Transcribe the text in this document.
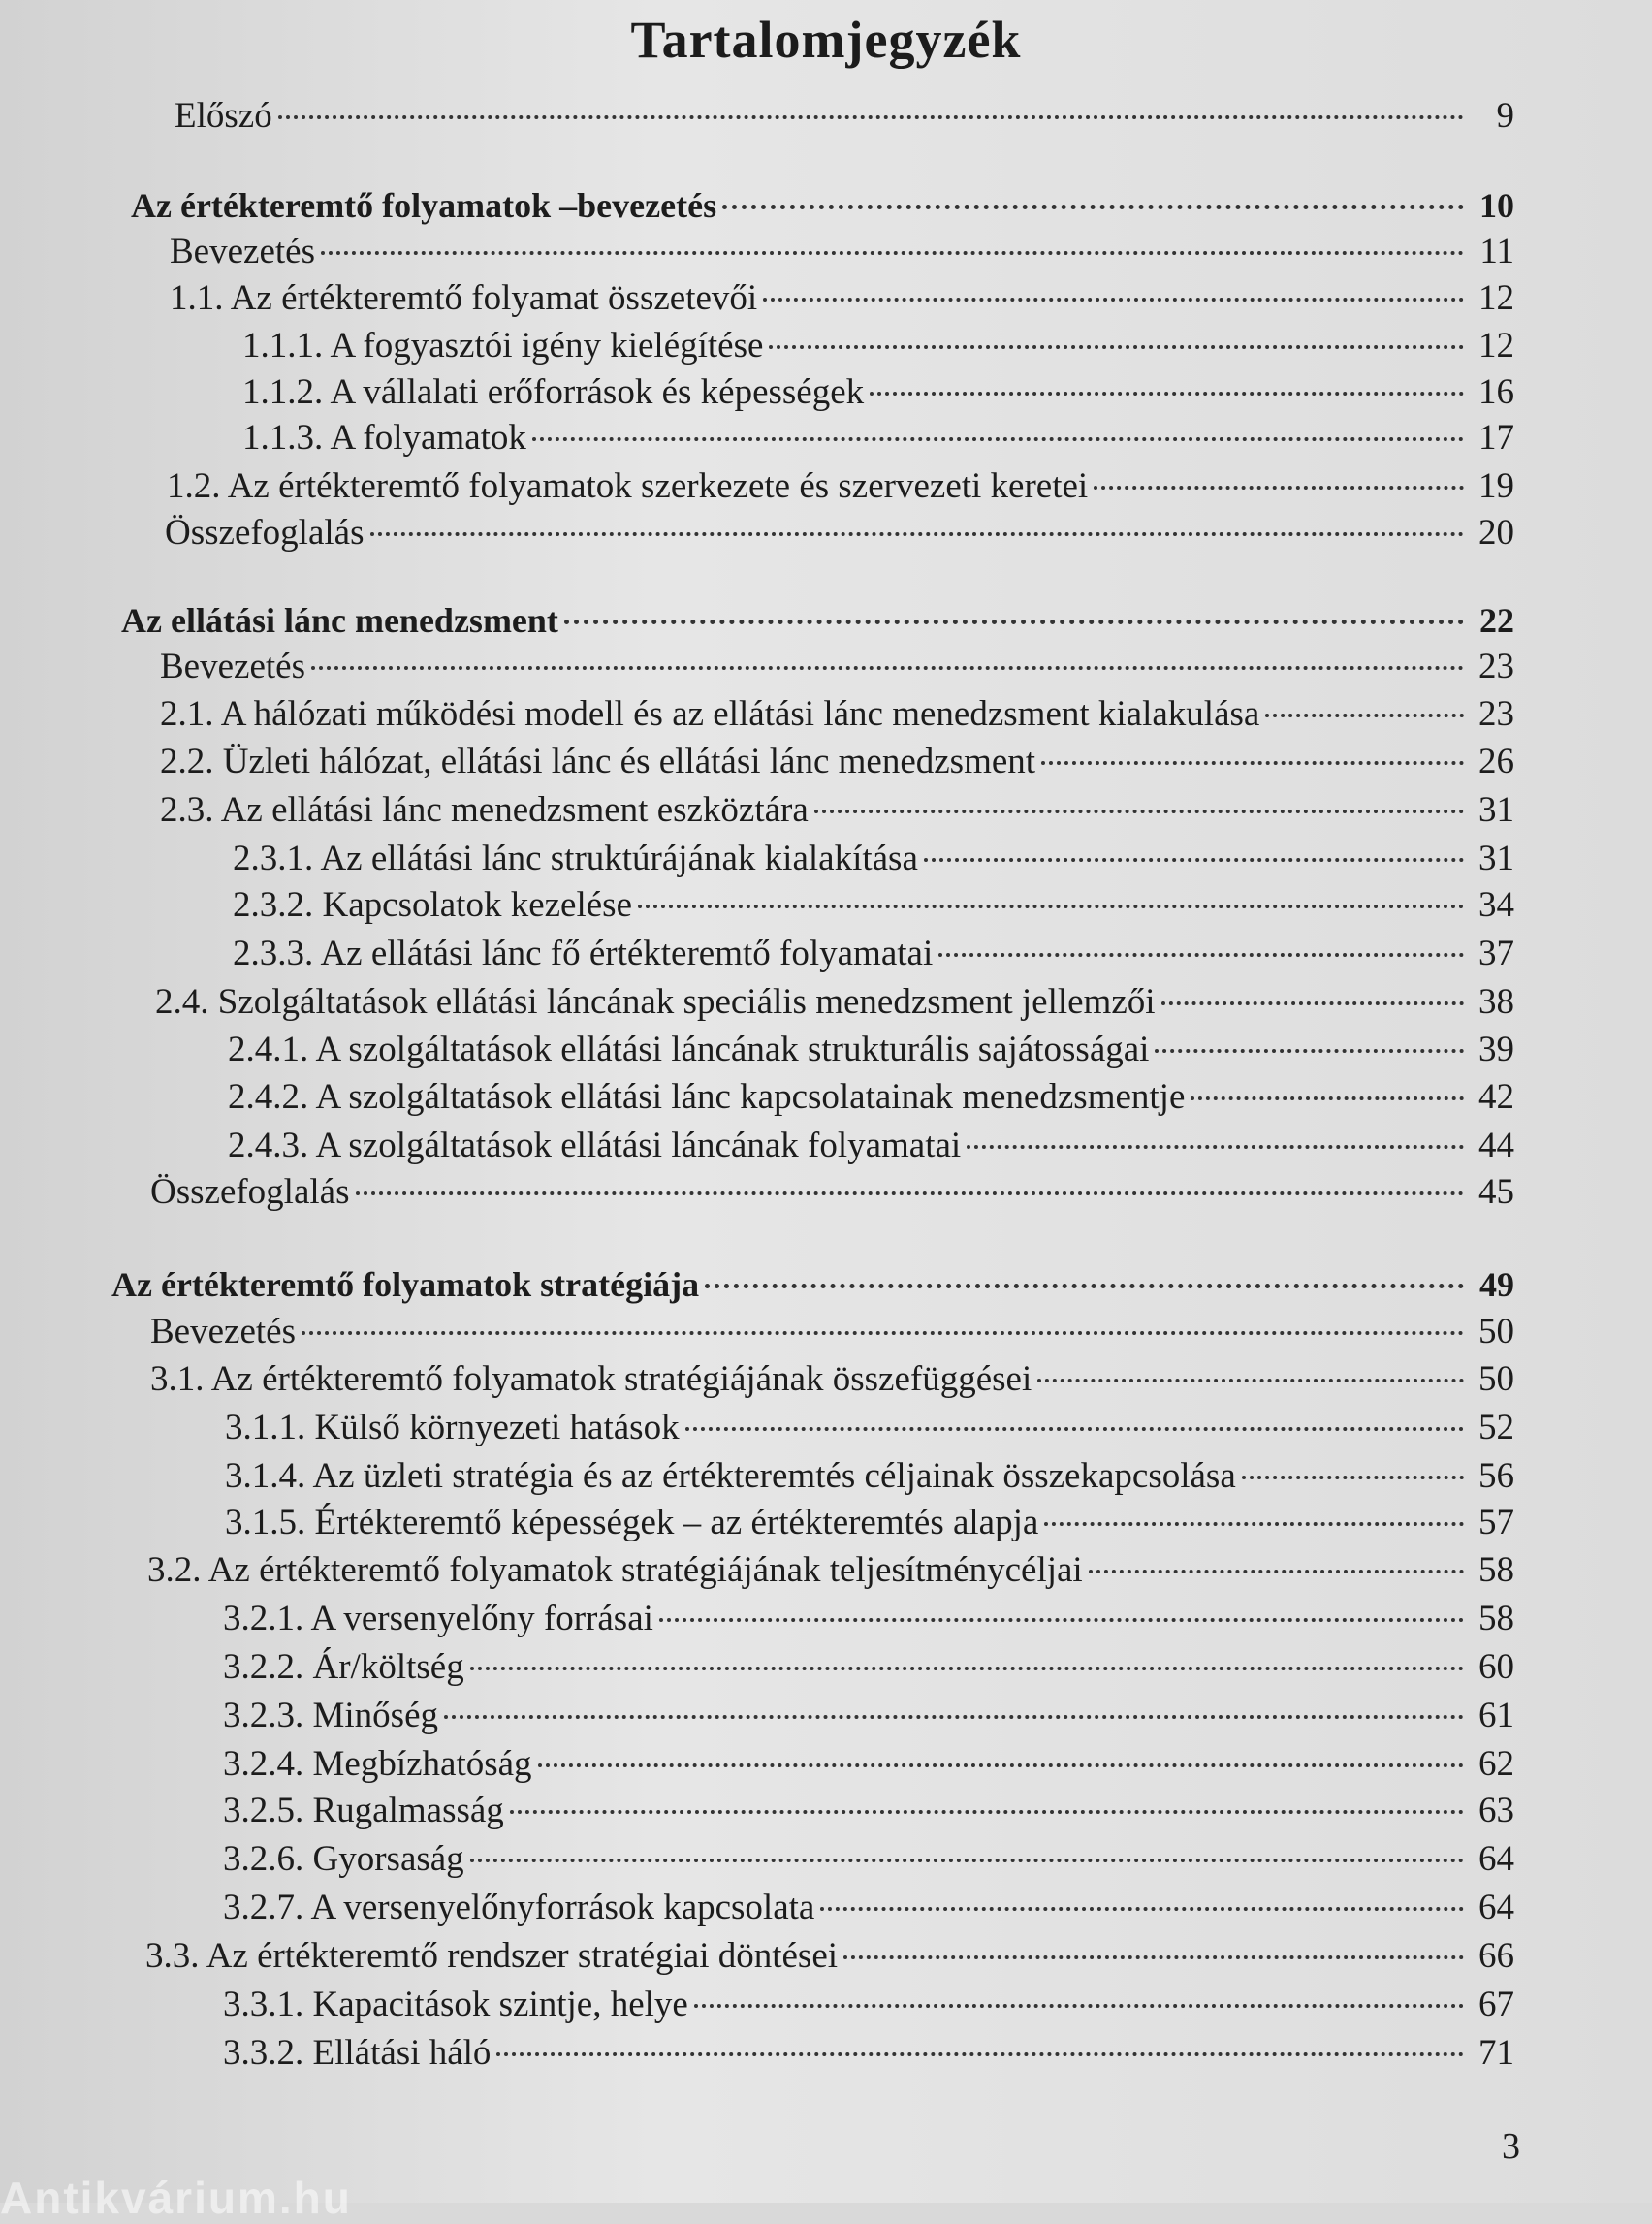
Tartalomjegyzék
Előszó	9
Az értékteremtő folyamatok –bevezetés	10
Bevezetés	11
1.1. Az értékteremtő folyamat összetevői	12
1.1.1. A fogyasztói igény kielégítése	12
1.1.2. A vállalati erőforrások és képességek	16
1.1.3. A folyamatok	17
1.2. Az értékteremtő folyamatok szerkezete és szervezeti keretei	19
Összefoglalás	20
Az ellátási lánc menedzsment	22
Bevezetés	23
2.1. A hálózati működési modell és az ellátási lánc menedzsment kialakulása	23
2.2. Üzleti hálózat, ellátási lánc és ellátási lánc menedzsment	26
2.3. Az ellátási lánc menedzsment eszköztára	31
2.3.1. Az ellátási lánc struktúrájának kialakítása	31
2.3.2. Kapcsolatok kezelése	34
2.3.3. Az ellátási lánc fő értékteremtő folyamatai	37
2.4. Szolgáltatások ellátási láncának speciális menedzsment jellemzői	38
2.4.1. A szolgáltatások ellátási láncának strukturális sajátosságai	39
2.4.2. A szolgáltatások ellátási lánc kapcsolatainak menedzsmentje	42
2.4.3. A szolgáltatások ellátási láncának folyamatai	44
Összefoglalás	45
Az értékteremtő folyamatok stratégiája	49
Bevezetés	50
3.1. Az értékteremtő folyamatok stratégiájának összefüggései	50
3.1.1. Külső környezeti hatások	52
3.1.4. Az üzleti stratégia és az értékteremtés céljainak összekapcsolása	56
3.1.5. Értékteremtő képességek – az értékteremtés alapja	57
3.2. Az értékteremtő folyamatok stratégiájának teljesítménycéljai	58
3.2.1. A versenyelőny forrásai	58
3.2.2. Ár/költség	60
3.2.3. Minőség	61
3.2.4. Megbízhatóság	62
3.2.5. Rugalmasság	63
3.2.6. Gyorsaság	64
3.2.7. A versenyelőnyforrások kapcsolata	64
3.3. Az értékteremtő rendszer stratégiai döntései	66
3.3.1. Kapacitások szintje, helye	67
3.3.2. Ellátási háló	71
3
Antikvárium.hu
